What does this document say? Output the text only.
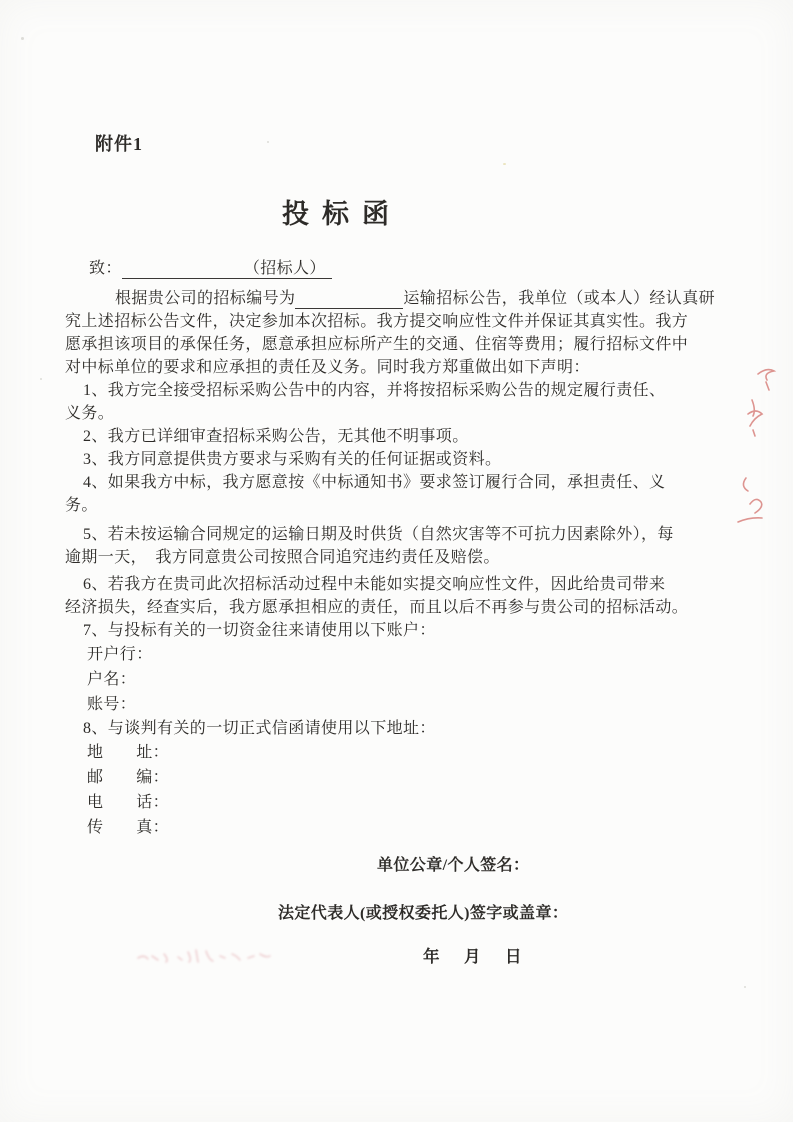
附件1
投标函
致：	（招标人）
根据贵公司的招标编号为	运输招标公告，我单位（或本人）经认真研
究上述招标公告文件，决定参加本次招标。我方提交响应性文件并保证其真实性。我方
愿承担该项目的承保任务，愿意承担应标所产生的交通、住宿等费用；履行招标文件中
对中标单位的要求和应承担的责任及义务。同时我方郑重做出如下声明：
1、我方完全接受招标采购公告中的内容，并将按招标采购公告的规定履行责任、
义务。
2、我方已详细审查招标采购公告，无其他不明事项。
3、我方同意提供贵方要求与采购有关的任何证据或资料。
4、如果我方中标，我方愿意按《中标通知书》要求签订履行合同，承担责任、义
务。
5、若未按运输合同规定的运输日期及时供货（自然灾害等不可抗力因素除外），每
逾期一天，　我方同意贵公司按照合同追究违约责任及赔偿。
6、若我方在贵司此次招标活动过程中未能如实提交响应性文件，因此给贵司带来
经济损失，经查实后，我方愿承担相应的责任，而且以后不再参与贵公司的招标活动。
7、与投标有关的一切资金往来请使用以下账户：
开户行：
户名：
账号：
8、与谈判有关的一切正式信函请使用以下地址：
地　　址：
邮　　编：
电　　话：
传　　真：
单位公章/个人签名：
法定代表人(或授权委托人)签字或盖章：
年　月　日
